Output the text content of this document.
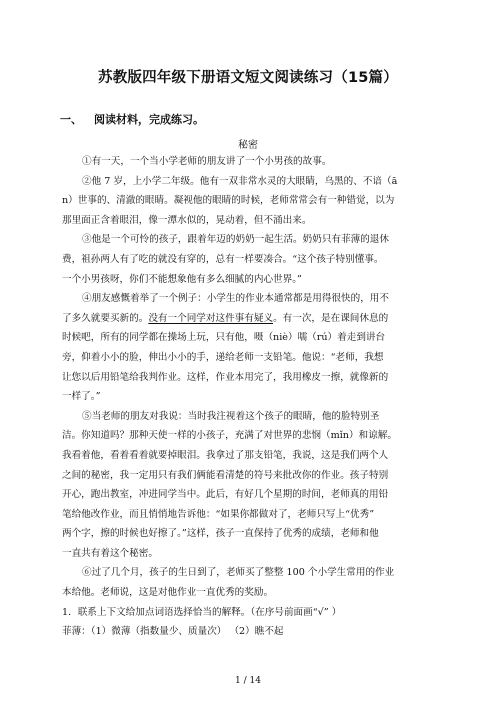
苏教版四年级下册语文短文阅读练习（15篇）
一、 阅读材料，完成练习。
秘密
①有一天，一个当小学老师的朋友讲了一个小男孩的故事。
②他 7 岁，上小学二年级。他有一双非常水灵的大眼睛，乌黑的、不谙（ā
n）世事的、清澈的眼睛。凝视他的眼睛的时候，老师常常会有一种错觉，以为
那里面正含着眼泪，像一潭水似的，晃动着，但不涌出来。
③他是一个可怜的孩子，跟着年迈的奶奶一起生活。奶奶只有菲薄的退休
费，祖孙两人有了吃的就没有穿的，总有一样要凑合。“这个孩子特别懂事。
一个小男孩呀，你们不能想象他有多么细腻的内心世界。”
④朋友感慨着举了一个例子：小学生的作业本通常都是用得很快的，用不
了多久就要买新的。没有一个同学对这件事有疑义。有一次，是在课间休息的
时候吧，所有的同学都在操场上玩，只有他，嗫（niè）嚅（rú）着走到讲台
旁，仰着小小的脸，伸出小小的手，递给老师一支铅笔。他说：“老师，我想
让您以后用铅笔给我判作业。这样，作业本用完了，我用橡皮一擦，就像新的
一样了。”
⑤当老师的朋友对我说：当时我注视着这个孩子的眼睛，他的脸特别圣
洁。你知道吗？那种天使一样的小孩子，充满了对世界的悲悯（mǐn）和谅解。
我看着他，看着看着就要掉眼泪。我拿过了那支铅笔，我说，这是我们两个人
之间的秘密，我一定用只有我们俩能看清楚的符号来批改你的作业。孩子特别
开心，跑出教室，冲进同学当中。此后，有好几个星期的时间，老师真的用铅
笔给他改作业，而且悄悄地告诉他：“如果你都做对了，老师只写上“优秀”
两个字，擦的时候也好擦了。”这样，孩子一直保持了优秀的成绩，老师和他
一直共有着这个秘密。
⑥过了几个月，孩子的生日到了，老师买了整整 100 个小学生常用的作业
本给他。老师说，这是对他作业一直优秀的奖励。
1．联系上下文给加点词语选择恰当的解释。（在序号前面画“√” ）
菲薄：（1）微薄（指数量少、质量次） （2）瞧不起
1 / 14
